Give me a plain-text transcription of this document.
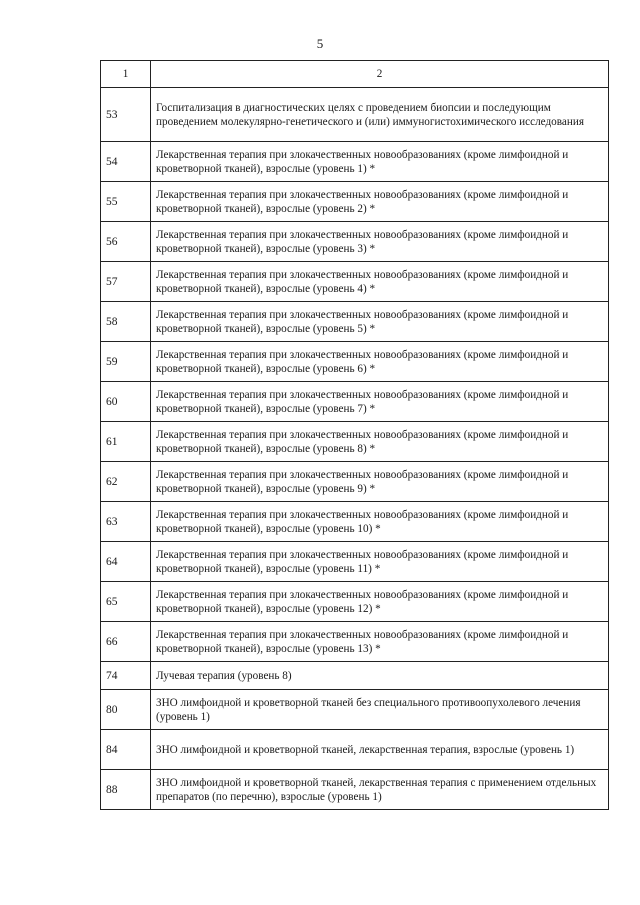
5
1	2
53	Госпитализация в диагностических целях с проведением биопсии и последующим проведением молекулярно-генетического и (или) иммуногистохимического исследования
54	Лекарственная терапия при злокачественных новообразованиях (кроме лимфоидной и кроветворной тканей), взрослые (уровень 1) *
55	Лекарственная терапия при злокачественных новообразованиях (кроме лимфоидной и кроветворной тканей), взрослые (уровень 2) *
56	Лекарственная терапия при злокачественных новообразованиях (кроме лимфоидной и кроветворной тканей), взрослые (уровень 3) *
57	Лекарственная терапия при злокачественных новообразованиях (кроме лимфоидной и кроветворной тканей), взрослые (уровень 4) *
58	Лекарственная терапия при злокачественных новообразованиях (кроме лимфоидной и кроветворной тканей), взрослые (уровень 5) *
59	Лекарственная терапия при злокачественных новообразованиях (кроме лимфоидной и кроветворной тканей), взрослые (уровень 6) *
60	Лекарственная терапия при злокачественных новообразованиях (кроме лимфоидной и кроветворной тканей), взрослые (уровень 7) *
61	Лекарственная терапия при злокачественных новообразованиях (кроме лимфоидной и кроветворной тканей), взрослые (уровень 8) *
62	Лекарственная терапия при злокачественных новообразованиях (кроме лимфоидной и кроветворной тканей), взрослые (уровень 9) *
63	Лекарственная терапия при злокачественных новообразованиях (кроме лимфоидной и кроветворной тканей), взрослые (уровень 10) *
64	Лекарственная терапия при злокачественных новообразованиях (кроме лимфоидной и кроветворной тканей), взрослые (уровень 11) *
65	Лекарственная терапия при злокачественных новообразованиях (кроме лимфоидной и кроветворной тканей), взрослые (уровень 12) *
66	Лекарственная терапия при злокачественных новообразованиях (кроме лимфоидной и кроветворной тканей), взрослые (уровень 13) *
74	Лучевая терапия (уровень 8)
80	ЗНО лимфоидной и кроветворной тканей без специального противоопухолевого лечения (уровень 1)
84	ЗНО лимфоидной и кроветворной тканей, лекарственная терапия, взрослые (уровень 1)
88	ЗНО лимфоидной и кроветворной тканей, лекарственная терапия с применением отдельных препаратов (по перечню), взрослые (уровень 1)
